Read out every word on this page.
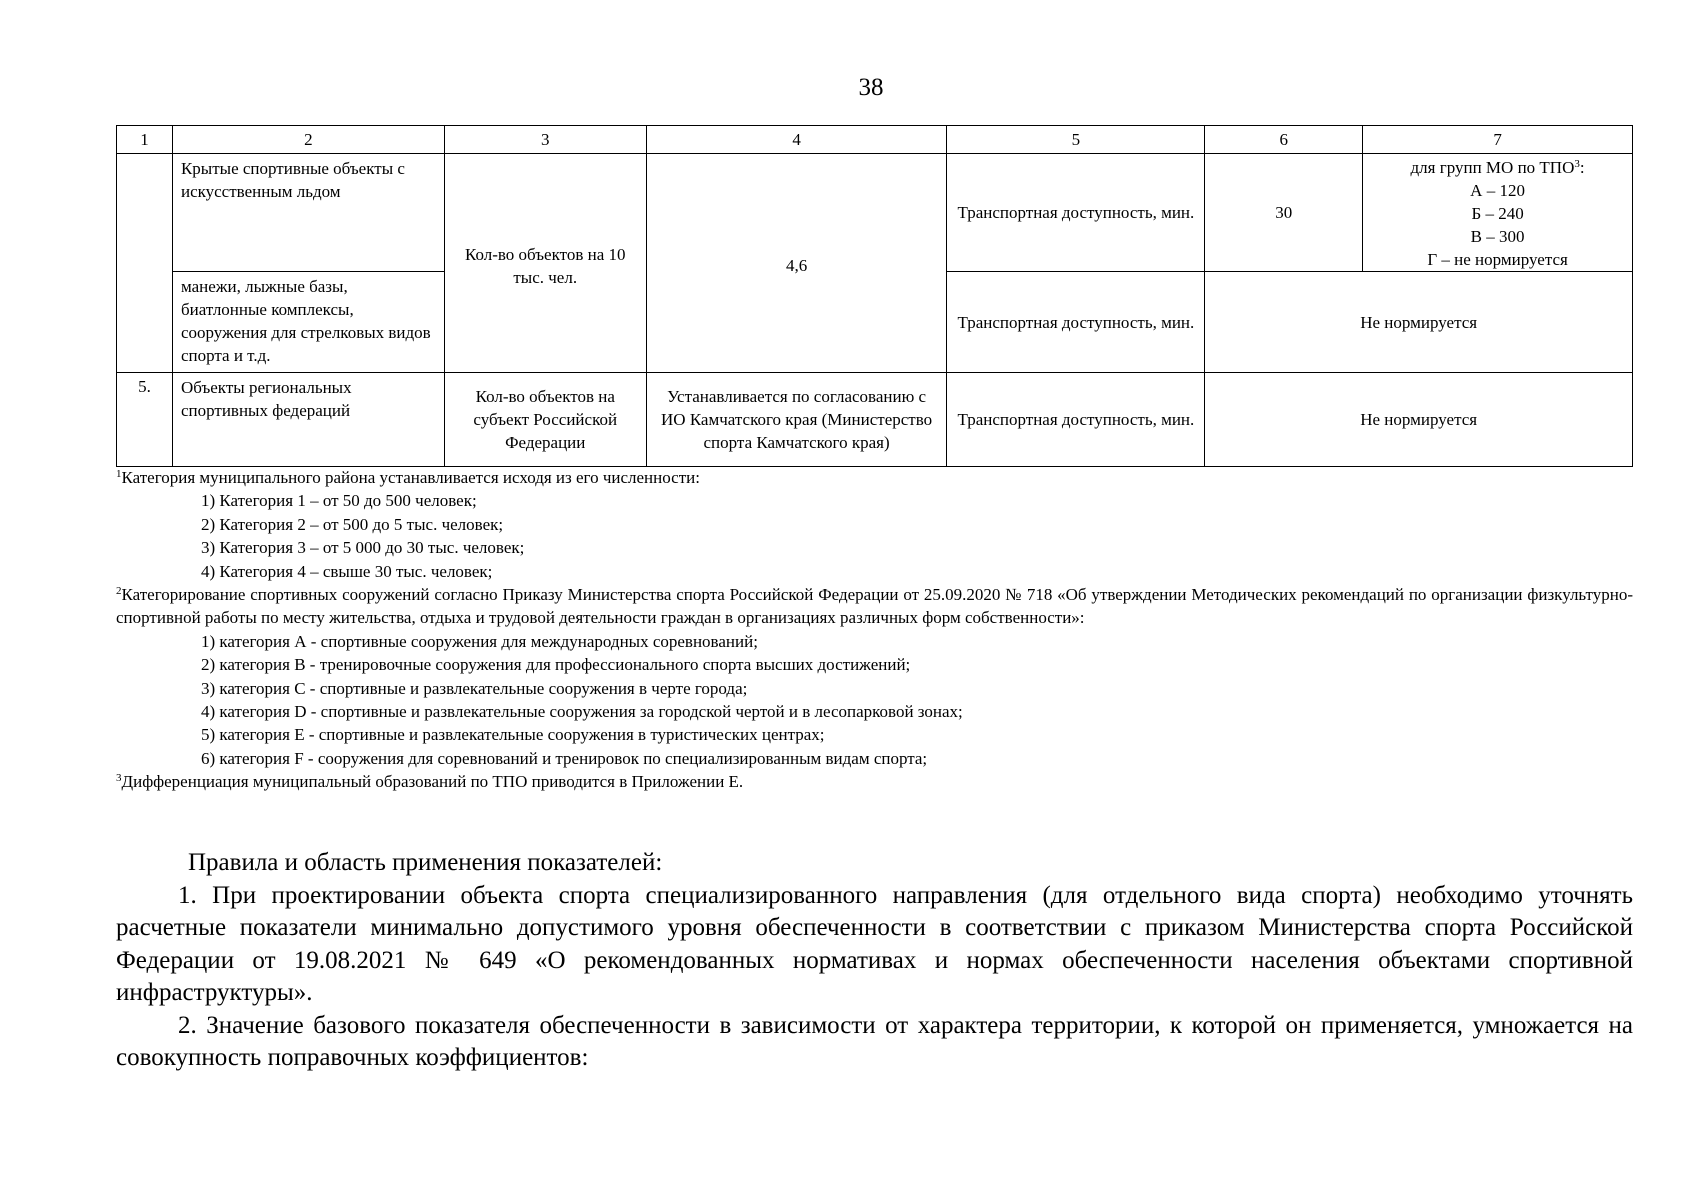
38
1	2	3	4	5	6	7
	Крытые спортивные объекты с искусственным льдом	Кол-во объектов на 10 тыс. чел.	4,6	Транспортная доступность, мин.	30	для групп МО по ТПО$^3$:
А – 120
Б – 240
В – 300
Г – не нормируется

	манежи, лыжные базы, биатлонные комплексы, сооружения для стрелковых видов спорта и т.д.			Транспортная доступность, мин.	Не нормируется	
5.	Объекты региональных спортивных федераций	Кол-во объектов на субъект Российской Федерации	Устанавливается по согласованию с ИО Камчатского края (Министерство спорта Камчатского края)	Транспортная доступность, мин.	Не нормируется	

$^1$Категория муниципального района устанавливается исходя из его численности:

1) Категория 1 – от 50 до 500 человек;

2) Категория 2 – от 500 до 5 тыс. человек;

3) Категория 3 – от 5 000 до 30 тыс. человек;

4) Категория 4 – свыше 30 тыс. человек;

$^2$Категорирование спортивных сооружений согласно Приказу Министерства спорта Российской Федерации от 25.09.2020 № 718 «Об утверждении Методических рекомендаций по организации физкультурно-спортивной работы по месту жительства, отдыха и трудовой деятельности граждан в организациях различных форм собственности»:

1) категория А - спортивные сооружения для международных соревнований;

2) категория В - тренировочные сооружения для профессионального спорта высших достижений;

3) категория С - спортивные и развлекательные сооружения в черте города;

4) категория D - спортивные и развлекательные сооружения за городской чертой и в лесопарковой зонах;

5) категория Е - спортивные и развлекательные сооружения в туристических центрах;

6) категория F - сооружения для соревнований и тренировок по специализированным видам спорта;

$^3$Дифференциация муниципальный образований по ТПО приводится в Приложении Е.

Правила и область применения показателей:

1. При проектировании объекта спорта специализированного направления (для отдельного вида спорта) необходимо уточнять расчетные показатели минимально допустимого уровня обеспеченности в соответствии с приказом Министерства спорта Российской Федерации от 19.08.2021 № 649 «О рекомендованных нормативах и нормах обеспеченности населения объектами спортивной инфраструктуры».

2. Значение базового показателя обеспеченности в зависимости от характера территории, к которой он применяется, умножается на совокупность поправочных коэффициентов:
